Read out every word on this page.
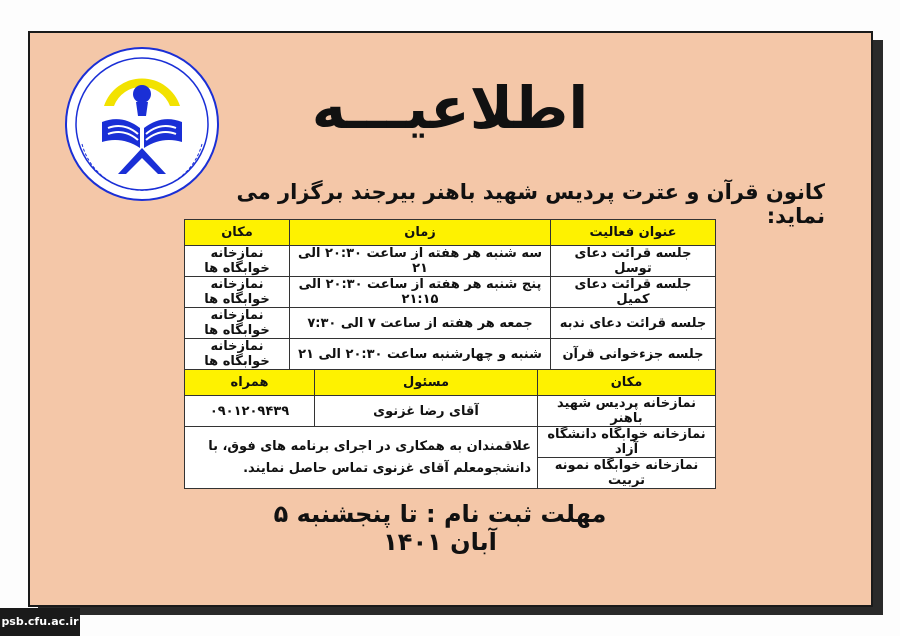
اطلاعیـــه
کانون قرآن و عترت پردیس شهید باهنر بیرجند برگزار می نماید:
عنوان فعالیت	زمان	مکان
جلسه قرائت دعای توسل	سه شنبه هر هفته از ساعت ۲۰:۳۰ الی ۲۱	نمازخانه خوابگاه ها
جلسه قرائت دعای کمیل	پنج شنبه هر هفته از ساعت ۲۰:۳۰ الی ۲۱:۱۵	نمازخانه خوابگاه ها
جلسه قرائت دعای ندبه	جمعه هر هفته از ساعت ۷ الی ۷:۳۰	نمازخانه خوابگاه ها
جلسه جزءخوانی قرآن	شنبه و چهارشنبه ساعت ۲۰:۳۰ الی ۲۱	نمازخانه خوابگاه ها
مکان	مسئول	همراه
نمازخانه پردیس شهید باهنر	آقای رضا غزنوی	۰۹۰۱۲۰۹۴۳۹
نمازخانه خوابگاه دانشگاه آزاد	علاقمندان به همکاری در اجرای برنامه های فوق، با دانشجومعلم آقای غزنوی تماس حاصل نمایند.	
نمازخانه خوابگاه نمونه تربیت		
مهلت ثبت نام : تا پنجشنبه ۵ آبان ۱۴۰۱
psb.cfu.ac.ir
